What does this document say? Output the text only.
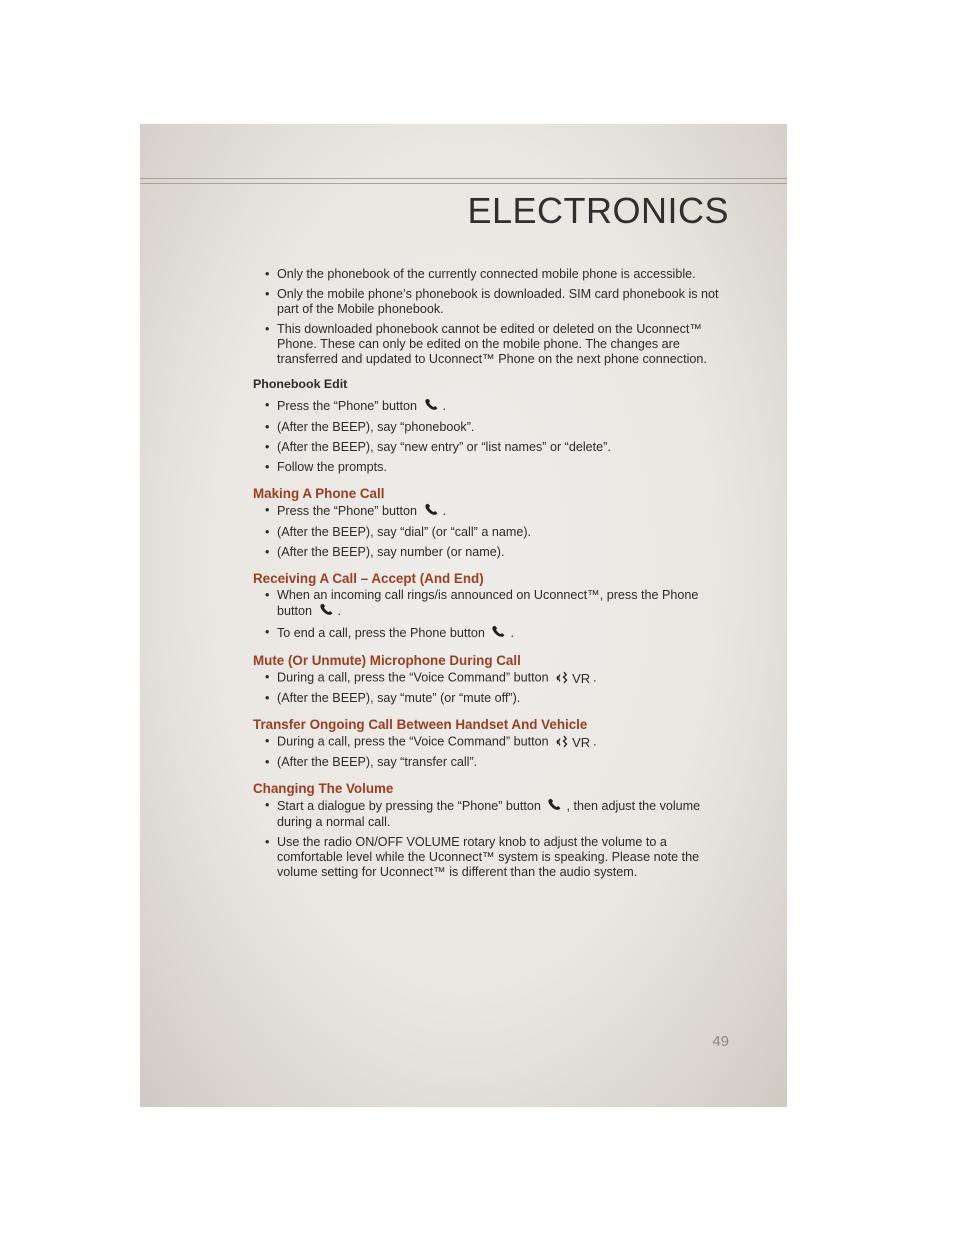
ELECTRONICS
• Only the phonebook of the currently connected mobile phone is accessible.
• Only the mobile phone’s phonebook is downloaded. SIM card phonebook is not part of the Mobile phonebook.
• This downloaded phonebook cannot be edited or deleted on the Uconnect™ Phone. These can only be edited on the mobile phone. The changes are transferred and updated to Uconnect™ Phone on the next phone connection.
Phonebook Edit
• Press the “Phone” button .
• (After the BEEP), say “phonebook”.
• (After the BEEP), say “new entry” or “list names” or “delete”.
• Follow the prompts.
Making A Phone Call
• Press the “Phone” button .
• (After the BEEP), say “dial” (or “call” a name).
• (After the BEEP), say number (or name).
Receiving A Call – Accept (And End)
• When an incoming call rings/is announced on Uconnect™, press the Phone button .
• To end a call, press the Phone button .
Mute (Or Unmute) Microphone During Call
• During a call, press the “Voice Command” button VR .
• (After the BEEP), say “mute” (or “mute off”).
Transfer Ongoing Call Between Handset And Vehicle
• During a call, press the “Voice Command” button VR .
• (After the BEEP), say “transfer call”.
Changing The Volume
• Start a dialogue by pressing the “Phone” button , then adjust the volume during a normal call.
• Use the radio ON/OFF VOLUME rotary knob to adjust the volume to a comfortable level while the Uconnect™ system is speaking. Please note the volume setting for Uconnect™ is different than the audio system.
49
